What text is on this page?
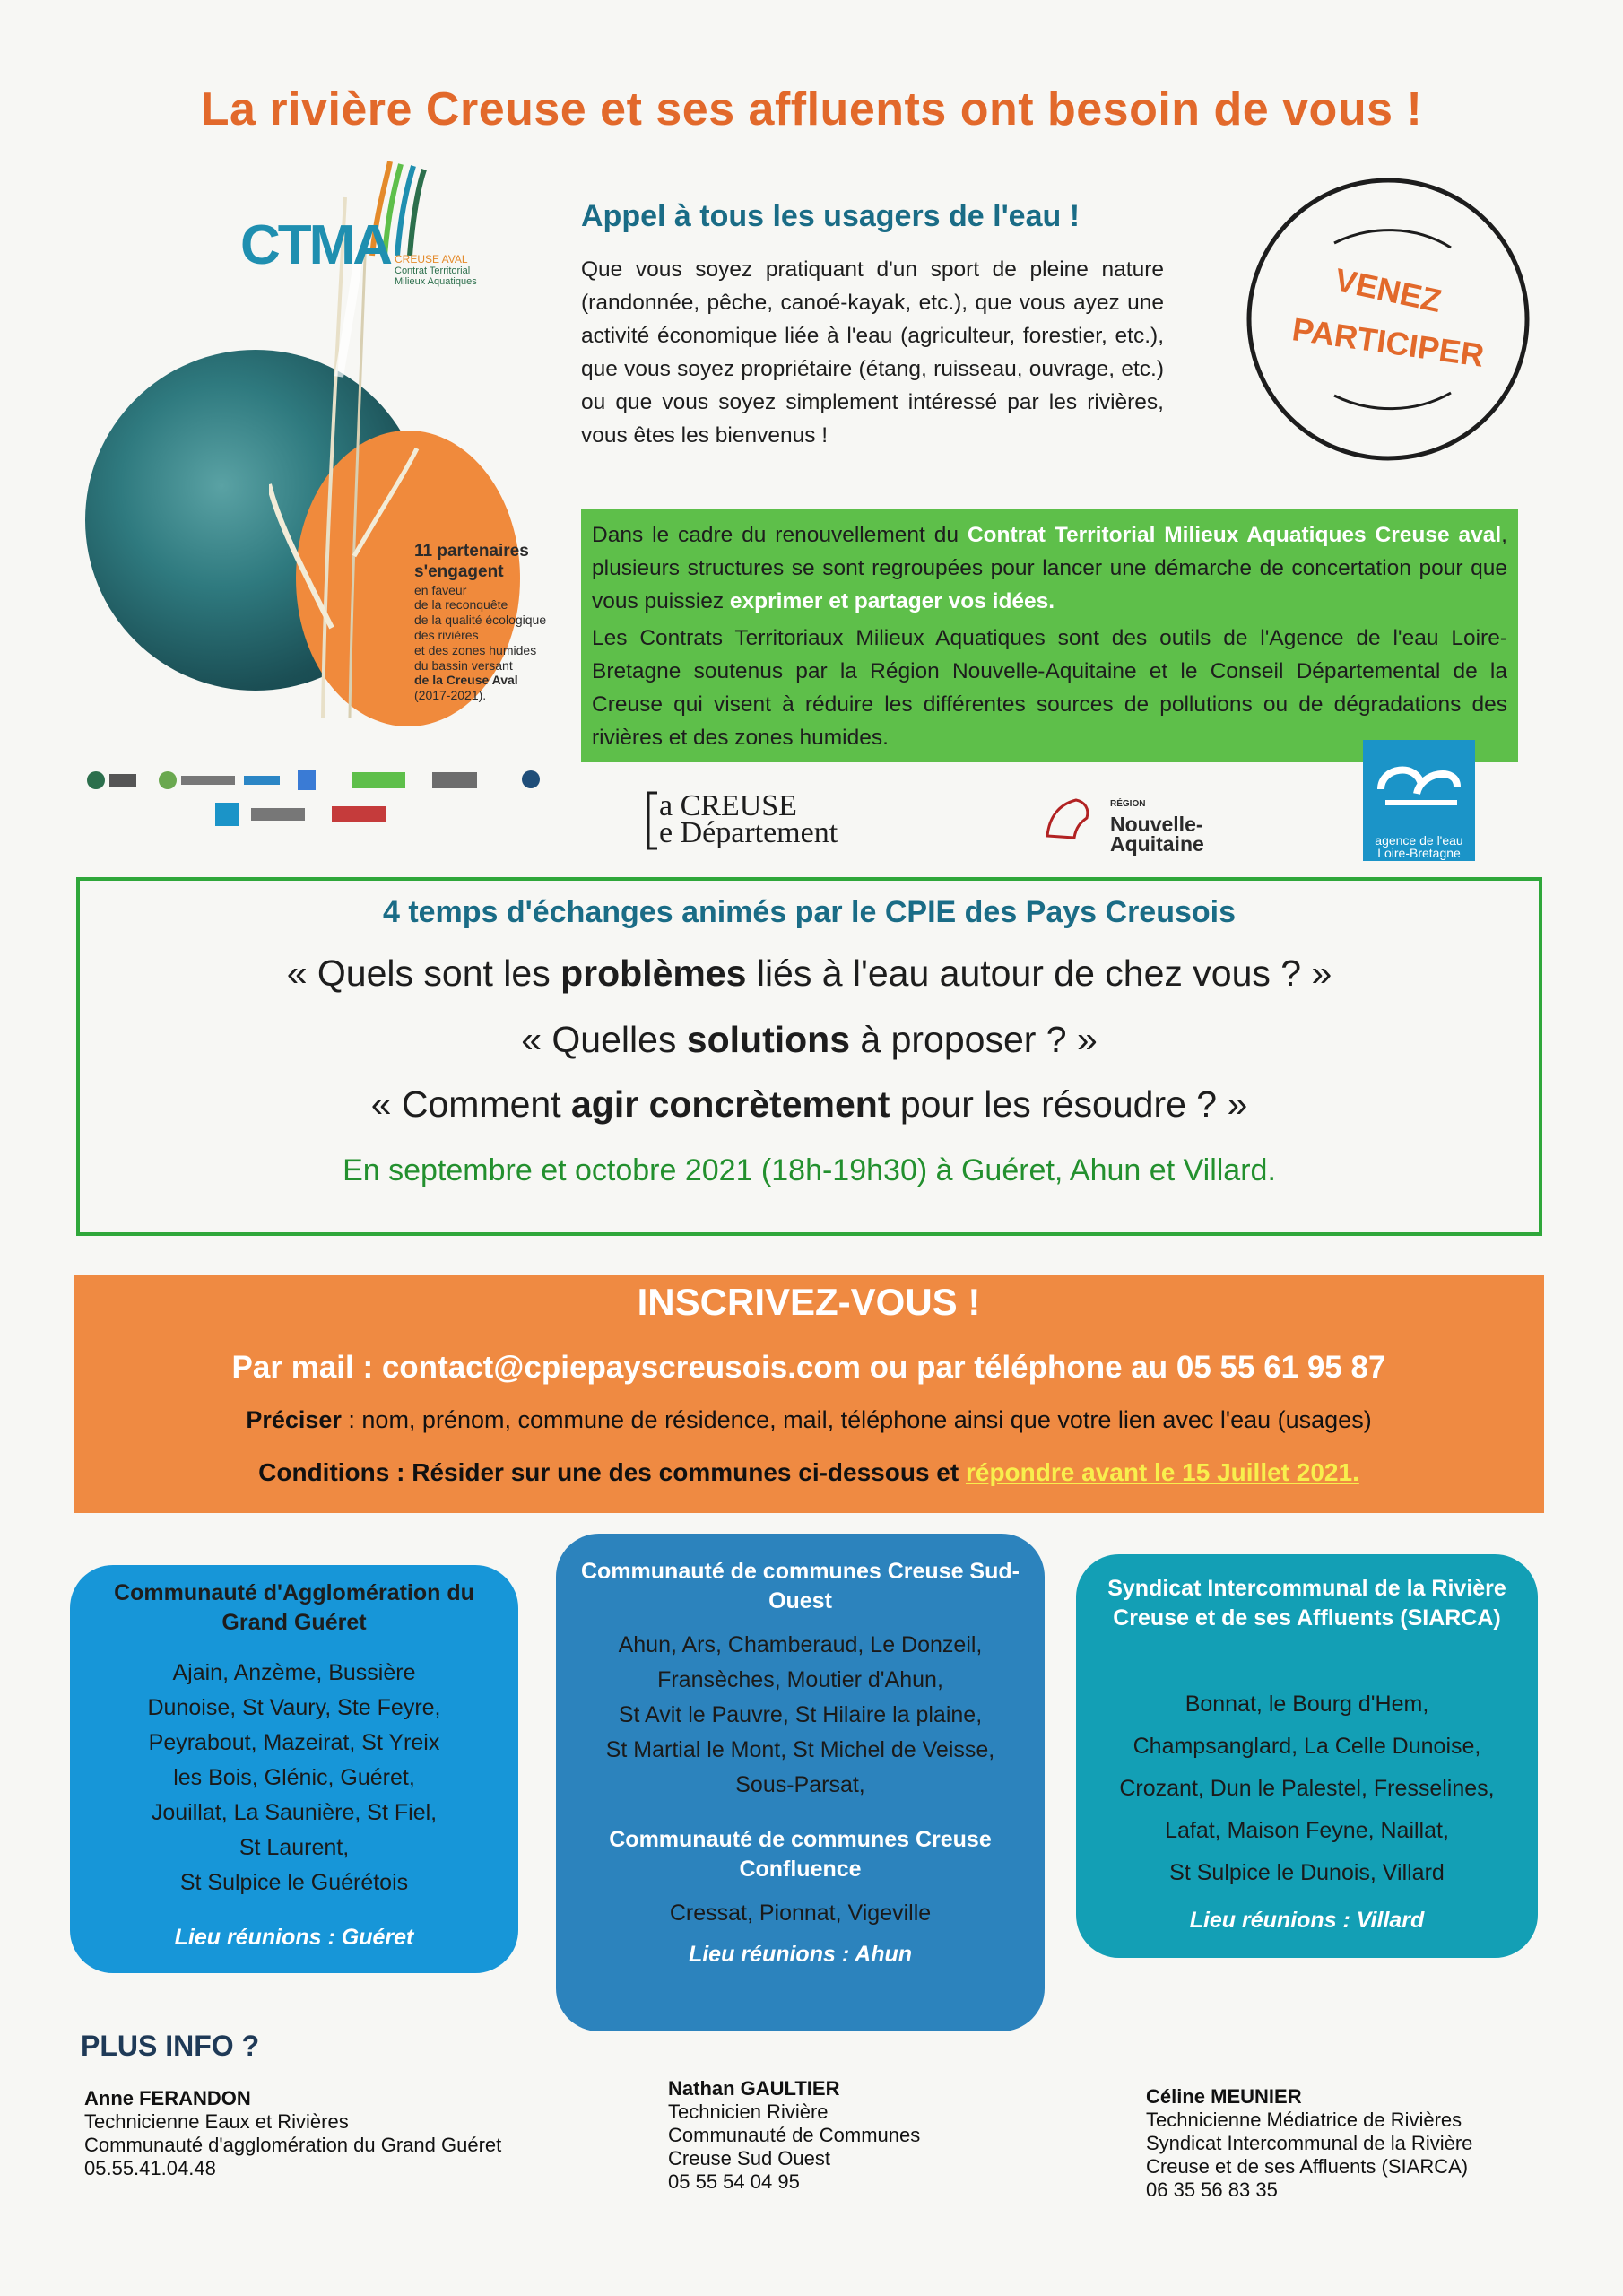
La rivière Creuse et ses affluents ont besoin de vous !
CTMA CREUSE AVAL
Contrat Territorial
Milieux Aquatiques
11 partenaires
s'engagent
en faveur
de la reconquête
de la qualité écologique
des rivières
et des zones humides
du bassin versant
de la Creuse Aval
(2017-2021).
Appel à tous les usagers de l'eau !
Que vous soyez pratiquant d'un sport de pleine nature (randonnée, pêche, canoé-kayak, etc.), que vous ayez une activité économique liée à l'eau (agriculteur, forestier, etc.), que vous soyez propriétaire (étang, ruisseau, ouvrage, etc.) ou que vous soyez simplement intéressé par les rivières, vous êtes les bienvenus !
VENEZ
PARTICIPER

Dans le cadre du renouvellement du Contrat Territorial Milieux Aquatiques Creuse aval, plusieurs structures se sont regroupées pour lancer une démarche de concertation pour que vous puissiez exprimer et partager vos idées.

Les Contrats Territoriaux Milieux Aquatiques sont des outils de l'Agence de l'eau Loire-Bretagne soutenus par la Région Nouvelle-Aquitaine et le Conseil Départemental de la Creuse qui visent à réduire les différentes sources de pollutions ou de dégradations des rivières et des zones humides.

a CREUSE
e Département
RÉGION
Nouvelle-
Aquitaine	agence de l'eau
Loire-Bretagne
4 temps d'échanges animés par le CPIE des Pays Creusois
« Quels sont les problèmes liés à l'eau autour de chez vous ? »
« Quelles solutions à proposer ? »
« Comment agir concrètement pour les résoudre ? »
En septembre et octobre 2021 (18h-19h30) à Guéret, Ahun et Villard.
INSCRIVEZ-VOUS !
Par mail : contact@cpiepayscreusois.com ou par téléphone au 05 55 61 95 87
Préciser : nom, prénom, commune de résidence, mail, téléphone ainsi que votre lien avec l'eau (usages)
Conditions : Résider sur une des communes ci-dessous et répondre avant le 15 Juillet 2021.
Communauté d'Agglomération du Grand Guéret
Ajain, Anzème, Bussière
Dunoise, St Vaury, Ste Feyre,
Peyrabout, Mazeirat, St Yreix
les Bois, Glénic, Guéret,
Jouillat, La Saunière, St Fiel,
St Laurent,
St Sulpice le Guérétois
Lieu réunions : Guéret
Communauté de communes Creuse Sud-Ouest
Ahun, Ars, Chamberaud, Le Donzeil,
Fransèches, Moutier d'Ahun,
St Avit le Pauvre, St Hilaire la plaine,
St Martial le Mont, St Michel de Veisse,
Sous-Parsat,
Communauté de communes Creuse Confluence
Cressat, Pionnat, Vigeville
Lieu réunions : Ahun
Syndicat Intercommunal de la Rivière Creuse et de ses Affluents (SIARCA)
Bonnat, le Bourg d'Hem,
Champsanglard, La Celle Dunoise,
Crozant, Dun le Palestel, Fresselines,
Lafat, Maison Feyne, Naillat,
St Sulpice le Dunois, Villard
Lieu réunions : Villard
PLUS INFO ?
Anne FERANDON
Technicienne Eaux et Rivières
Communauté d'agglomération du Grand Guéret
05.55.41.04.48
Nathan GAULTIER
Technicien Rivière
Communauté de Communes
Creuse Sud Ouest
05 55 54 04 95
Céline MEUNIER
Technicienne Médiatrice de Rivières
Syndicat Intercommunal de la Rivière
Creuse et de ses Affluents (SIARCA)
06 35 56 83 35
